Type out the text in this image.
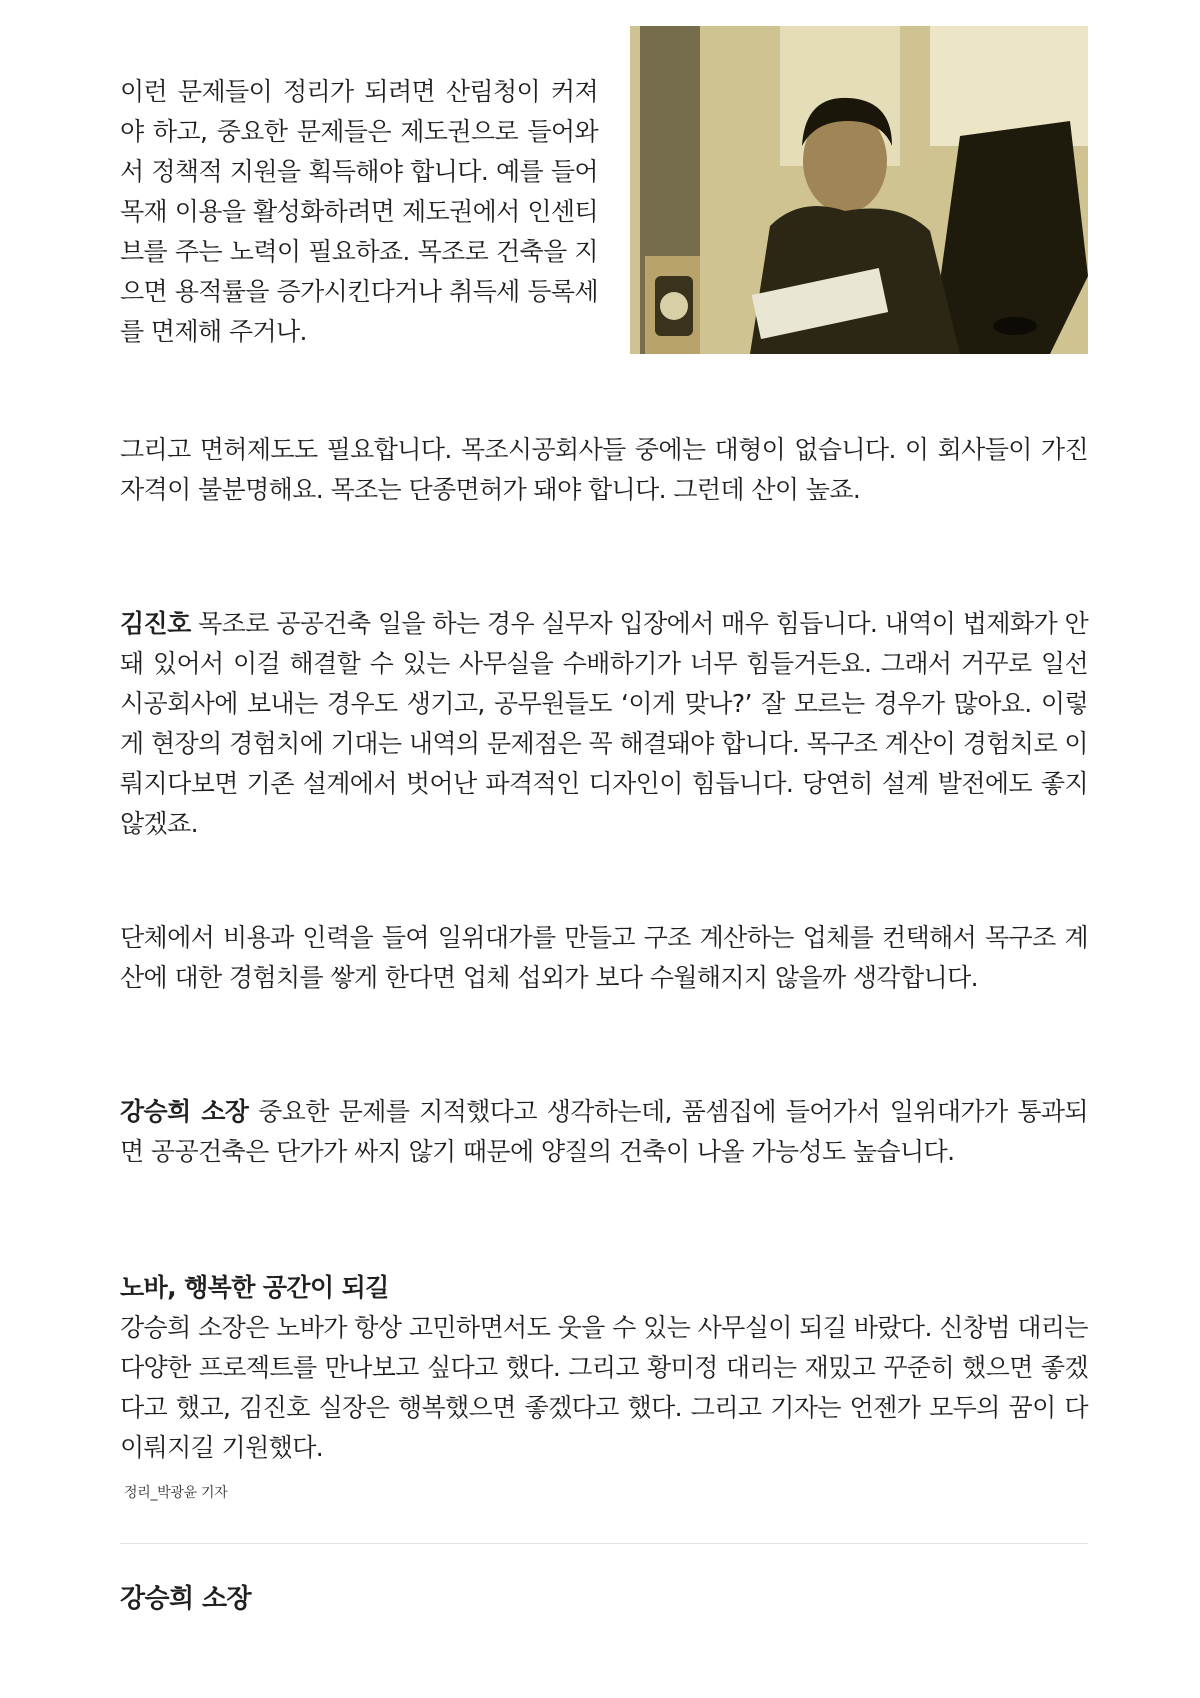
이런 문제들이 정리가 되려면 산림청이 커져야 하고, 중요한 문제들은 제도권으로 들어와서 정책적 지원을 획득해야 합니다. 예를 들어 목재 이용을 활성화하려면 제도권에서 인센티브를 주는 노력이 필요하죠. 목조로 건축을 지으면 용적률을 증가시킨다거나 취득세 등록세를 면제해 주거나.

그리고 면허제도도 필요합니다. 목조시공회사들 중에는 대형이 없습니다. 이 회사들이 가진 자격이 불분명해요. 목조는 단종면허가 돼야 합니다. 그런데 산이 높죠.

김진호 목조로 공공건축 일을 하는 경우 실무자 입장에서 매우 힘듭니다. 내역이 법제화가 안 돼 있어서 이걸 해결할 수 있는 사무실을 수배하기가 너무 힘들거든요. 그래서 거꾸로 일선 시공회사에 보내는 경우도 생기고, 공무원들도 ‘이게 맞나?’ 잘 모르는 경우가 많아요. 이렇게 현장의 경험치에 기대는 내역의 문제점은 꼭 해결돼야 합니다. 목구조 계산이 경험치로 이뤄지다보면 기존 설계에서 벗어난 파격적인 디자인이 힘듭니다. 당연히 설계 발전에도 좋지 않겠죠.

단체에서 비용과 인력을 들여 일위대가를 만들고 구조 계산하는 업체를 컨택해서 목구조 계산에 대한 경험치를 쌓게 한다면 업체 섭외가 보다 수월해지지 않을까 생각합니다.

강승희 소장 중요한 문제를 지적했다고 생각하는데, 품셈집에 들어가서 일위대가가 통과되면 공공건축은 단가가 싸지 않기 때문에 양질의 건축이 나올 가능성도 높습니다.

노바, 행복한 공간이 되길
강승희 소장은 노바가 항상 고민하면서도 웃을 수 있는 사무실이 되길 바랐다. 신창범 대리는 다양한 프로젝트를 만나보고 싶다고 했다. 그리고 황미정 대리는 재밌고 꾸준히 했으면 좋겠다고 했고, 김진호 실장은 행복했으면 좋겠다고 했다. 그리고 기자는 언젠가 모두의 꿈이 다 이뤄지길 기원했다.

정리_박광윤 기자
강승희 소장
